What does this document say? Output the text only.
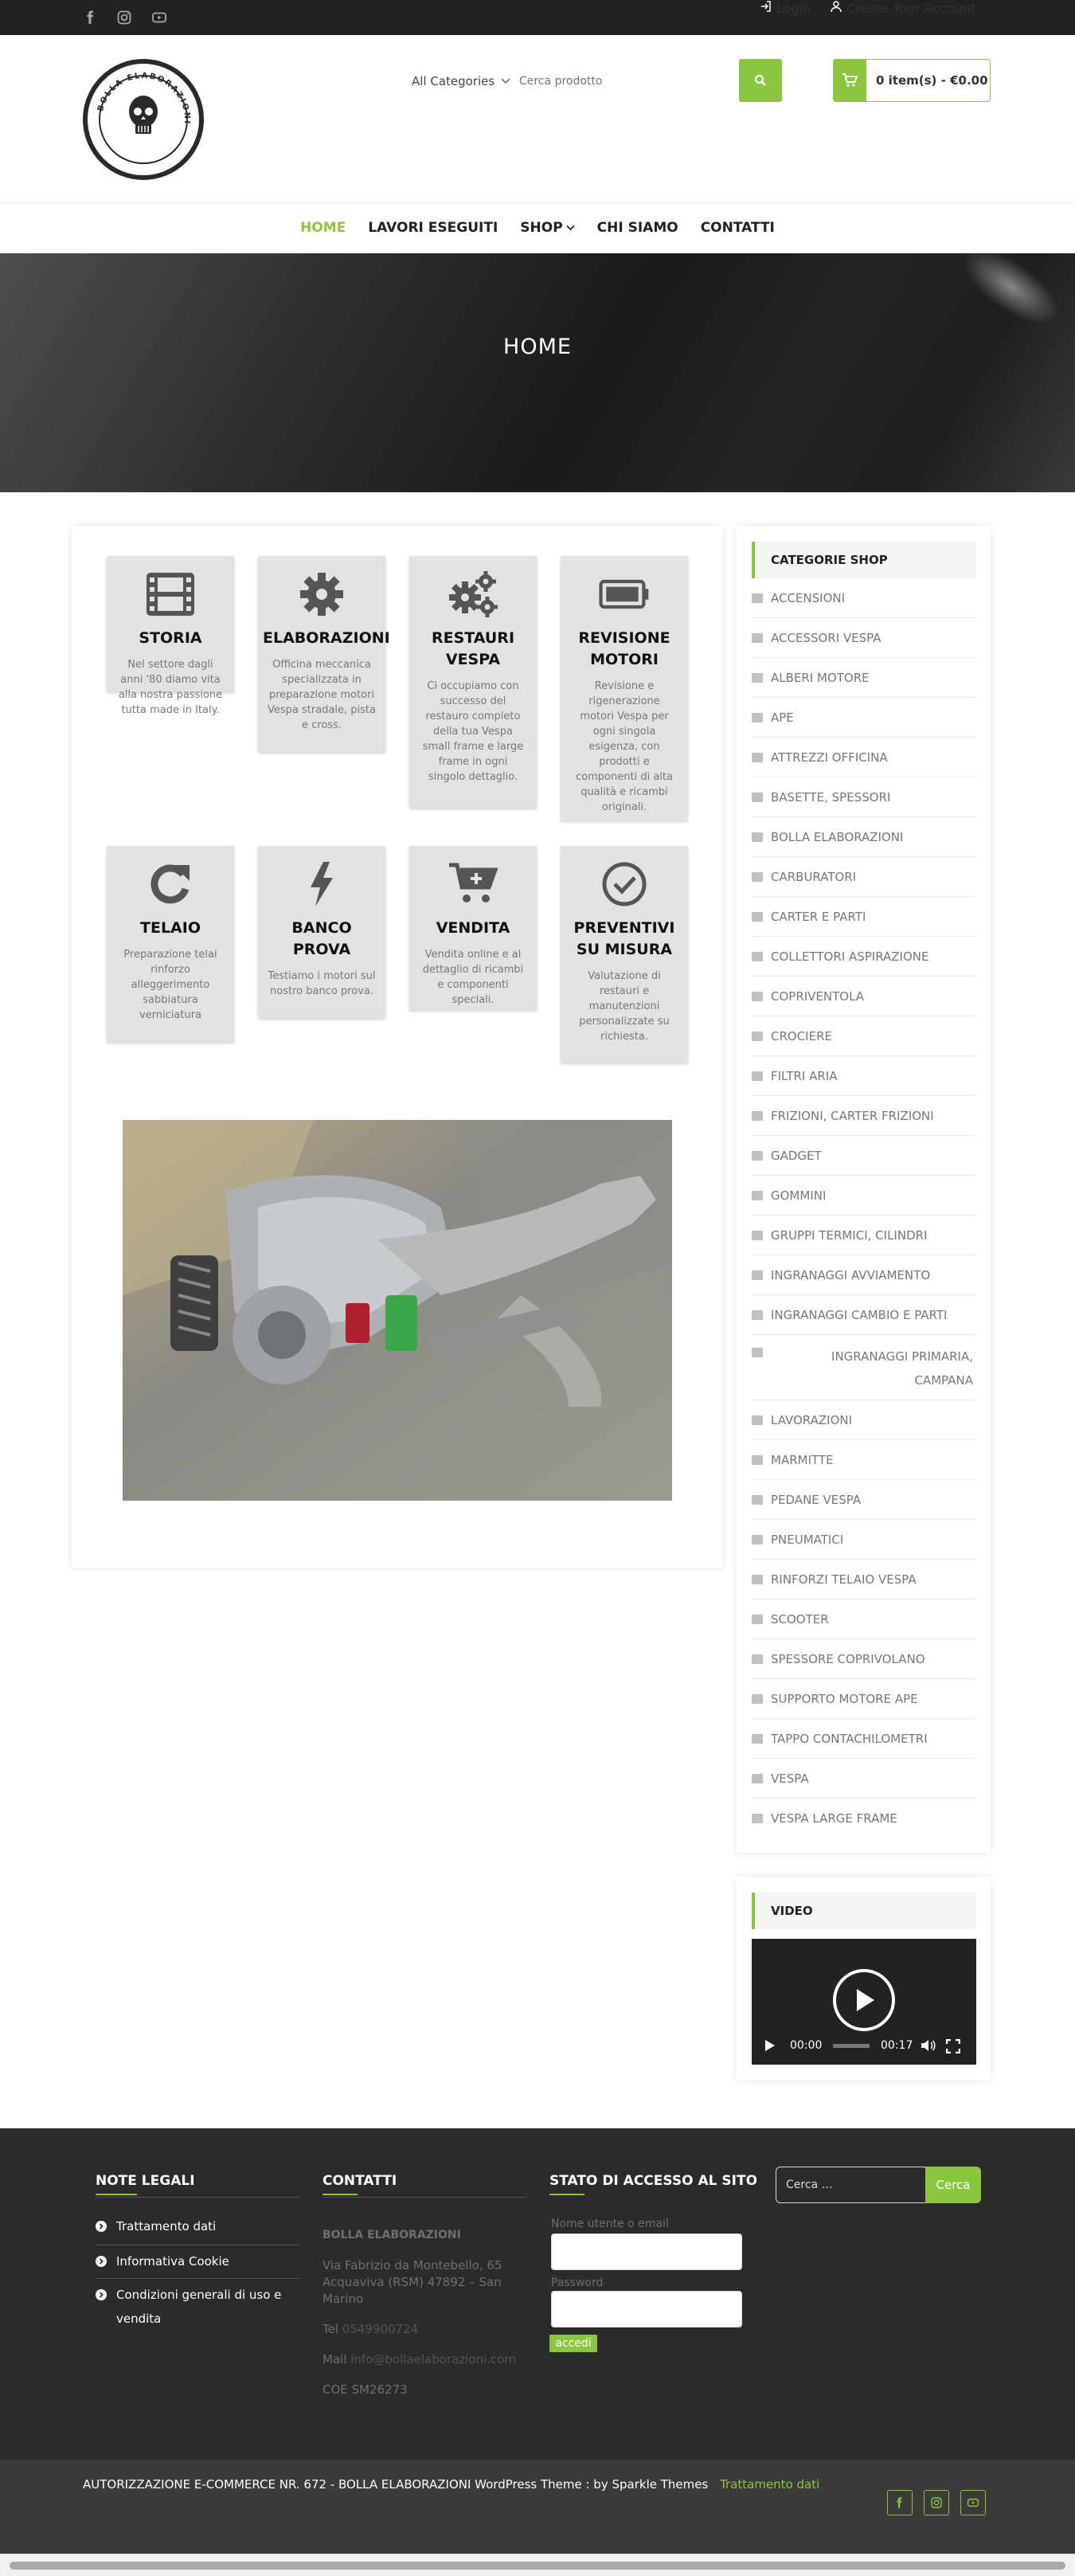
Login	Create Your Account
BOLLA ELABORAZIONI
All Categories
Cerca prodotto	0 item(s) - €0.00
HOME LAVORI ESEGUITI SHOP	CHI SIAMO CONTATTI
HOME
STORIA
Nel settore dagli anni '80 diamo vita alla nostra passione tutta made in Italy.
ELABORAZIONI
Officina meccanica specializzata in preparazione motori Vespa stradale, pista e cross.
RESTAURI VESPA
Ci occupiamo con successo del restauro completo della tua Vespa small frame e large frame in ogni singolo dettaglio.
REVISIONE MOTORI
Revisione e rigenerazione motori Vespa per ogni singola esigenza, con prodotti e componenti di alta qualità e ricambi originali.
TELAIO
Preparazione telai rinforzo alleggerimento sabbiatura verniciatura
BANCO PROVA
Testiamo i motori sul nostro banco prova.
VENDITA
Vendita online e al dettaglio di ricambi e componenti speciali.
PREVENTIVI SU MISURA
Valutazione di restauri e manutenzioni personalizzate su richiesta.
CATEGORIE SHOP
ACCENSIONI
ACCESSORI VESPA
ALBERI MOTORE
APE
ATTREZZI OFFICINA
BASETTE, SPESSORI
BOLLA ELABORAZIONI
CARBURATORI
CARTER E PARTI
COLLETTORI ASPIRAZIONE
COPRIVENTOLA
CROCIERE
FILTRI ARIA
FRIZIONI, CARTER FRIZIONI
GADGET
GOMMINI
GRUPPI TERMICI, CILINDRI
INGRANAGGI AVVIAMENTO
INGRANAGGI CAMBIO E PARTI
INGRANAGGI PRIMARIA, CAMPANA
LAVORAZIONI
MARMITTE
PEDANE VESPA
PNEUMATICI
RINFORZI TELAIO VESPA
SCOOTER
SPESSORE COPRIVOLANO
SUPPORTO MOTORE APE
TAPPO CONTACHILOMETRI
VESPA
VESPA LARGE FRAME
VIDEO
00:00	00:17
NOTE LEGALI
Trattamento dati
Informativa Cookie
Condizioni generali di uso e vendita
CONTATTI
BOLLA ELABORAZIONI
Via Fabrizio da Montebello, 65 Acquaviva (RSM) 47892 – San Marino
Tel 0549900724
Mail info@bollaelaborazioni.com
COE SM26273
STATO DI ACCESSO AL SITO
Nome utente o email
Password
accedi
Cerca …	Cerca
AUTORIZZAZIONE E-COMMERCE NR. 672 - BOLLA ELABORAZIONI WordPress Theme : by Sparkle Themes Trattamento dati
